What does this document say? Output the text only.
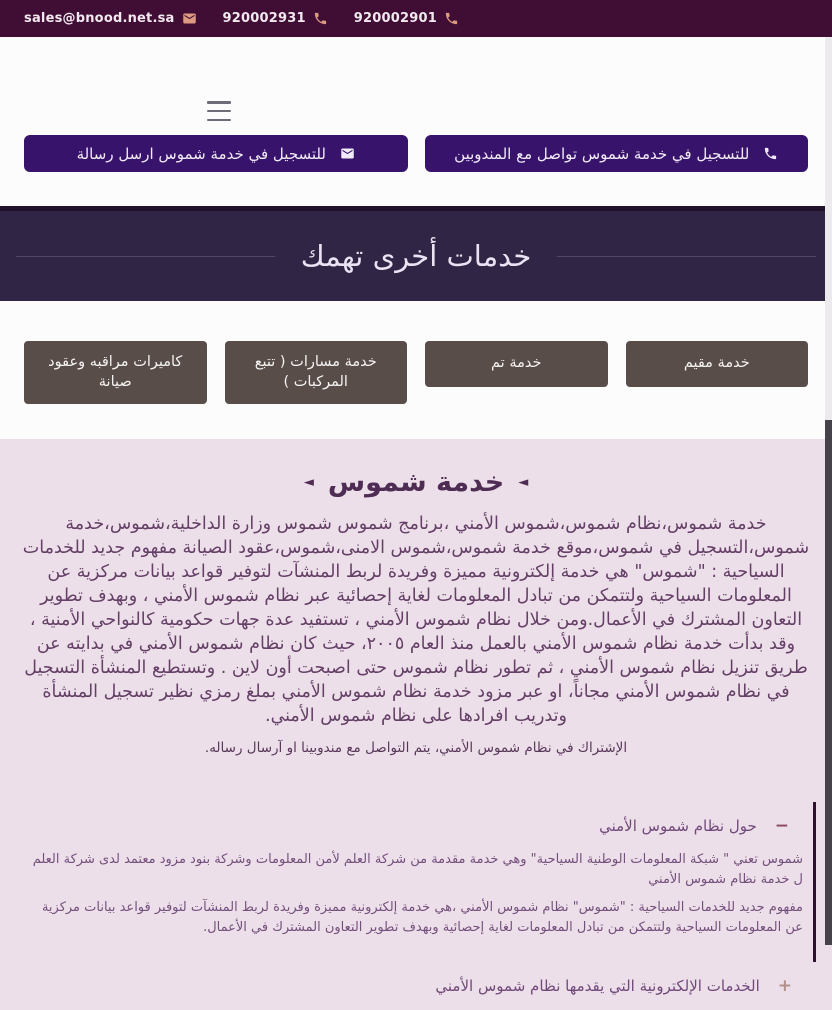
sales@bnood.net.sa	920002931	920002901
للتسجيل في خدمة شموس تواصل مع المندوبين
للتسجيل في خدمة شموس ارسل رسالة
خدمات أخرى تهمك
خدمة مقيم
خدمة تم
خدمة مسارات ( تتبع المركبات )
كاميرات مراقبه وعقود صيانة
◄
خدمة شموس
◄

خدمة شموس،نظام شموس،شموس الأمني ،برنامج شموس شموس وزارة الداخلية،شموس،خدمة شموس،التسجيل في شموس،موقع خدمة شموس،شموس الامنى،شموس،عقود الصيانة مفهوم جديد للخدمات السياحية : "شموس" هي خدمة إلكترونية مميزة وفريدة لربط المنشآت لتوفير قواعد بيانات مركزية عن المعلومات السياحية ولتتمكن من تبادل المعلومات لغاية إحصائية عبر نظام شموس الأمني ، وبهدف تطوير التعاون المشترك في الأعمال.ومن خلال نظام شموس الأمني ، تستفيد عدة جهات حكومية كالنواحي الأمنية ، وقد بدأت خدمة نظام شموس الأمني بالعمل منذ العام ٢٠٠٥، حيث كان نظام شموس الأمني في بدايته عن طريق تنزيل نظام شموس الأمني ، ثم تطور نظام شموس حتى اصبحت أون لاين . وتستطيع المنشأة التسجيل في نظام شموس الأمني مجاناً، او عبر مزود خدمة نظام شموس الأمني بملغ رمزي نظير تسجيل المنشأة وتدريب افرادها على نظام شموس الأمني.

الإشتراك في نظام شموس الأمني، يتم التواصل مع مندوبينا او آرسال رساله.

−
حول نظام شموس الأمني

شموس تعني " شبكة المعلومات الوطنية السياحية" وهي خدمة مقدمة من شركة العلم لأمن المعلومات وشركة بنود مزود معتمد لدى شركة العلم ل خدمة نظام شموس الأمني

مفهوم جديد للخدمات السياحية : "شموس" نظام شموس الأمني ،هي خدمة إلكترونية مميزة وفريدة لربط المنشآت لتوفير قواعد بيانات مركزية عن المعلومات السياحية ولتتمكن من تبادل المعلومات لغاية إحصائية وبهدف تطوير التعاون المشترك في الأعمال.

+
الخدمات الإلكترونية التي يقدمها نظام شموس الأمني
